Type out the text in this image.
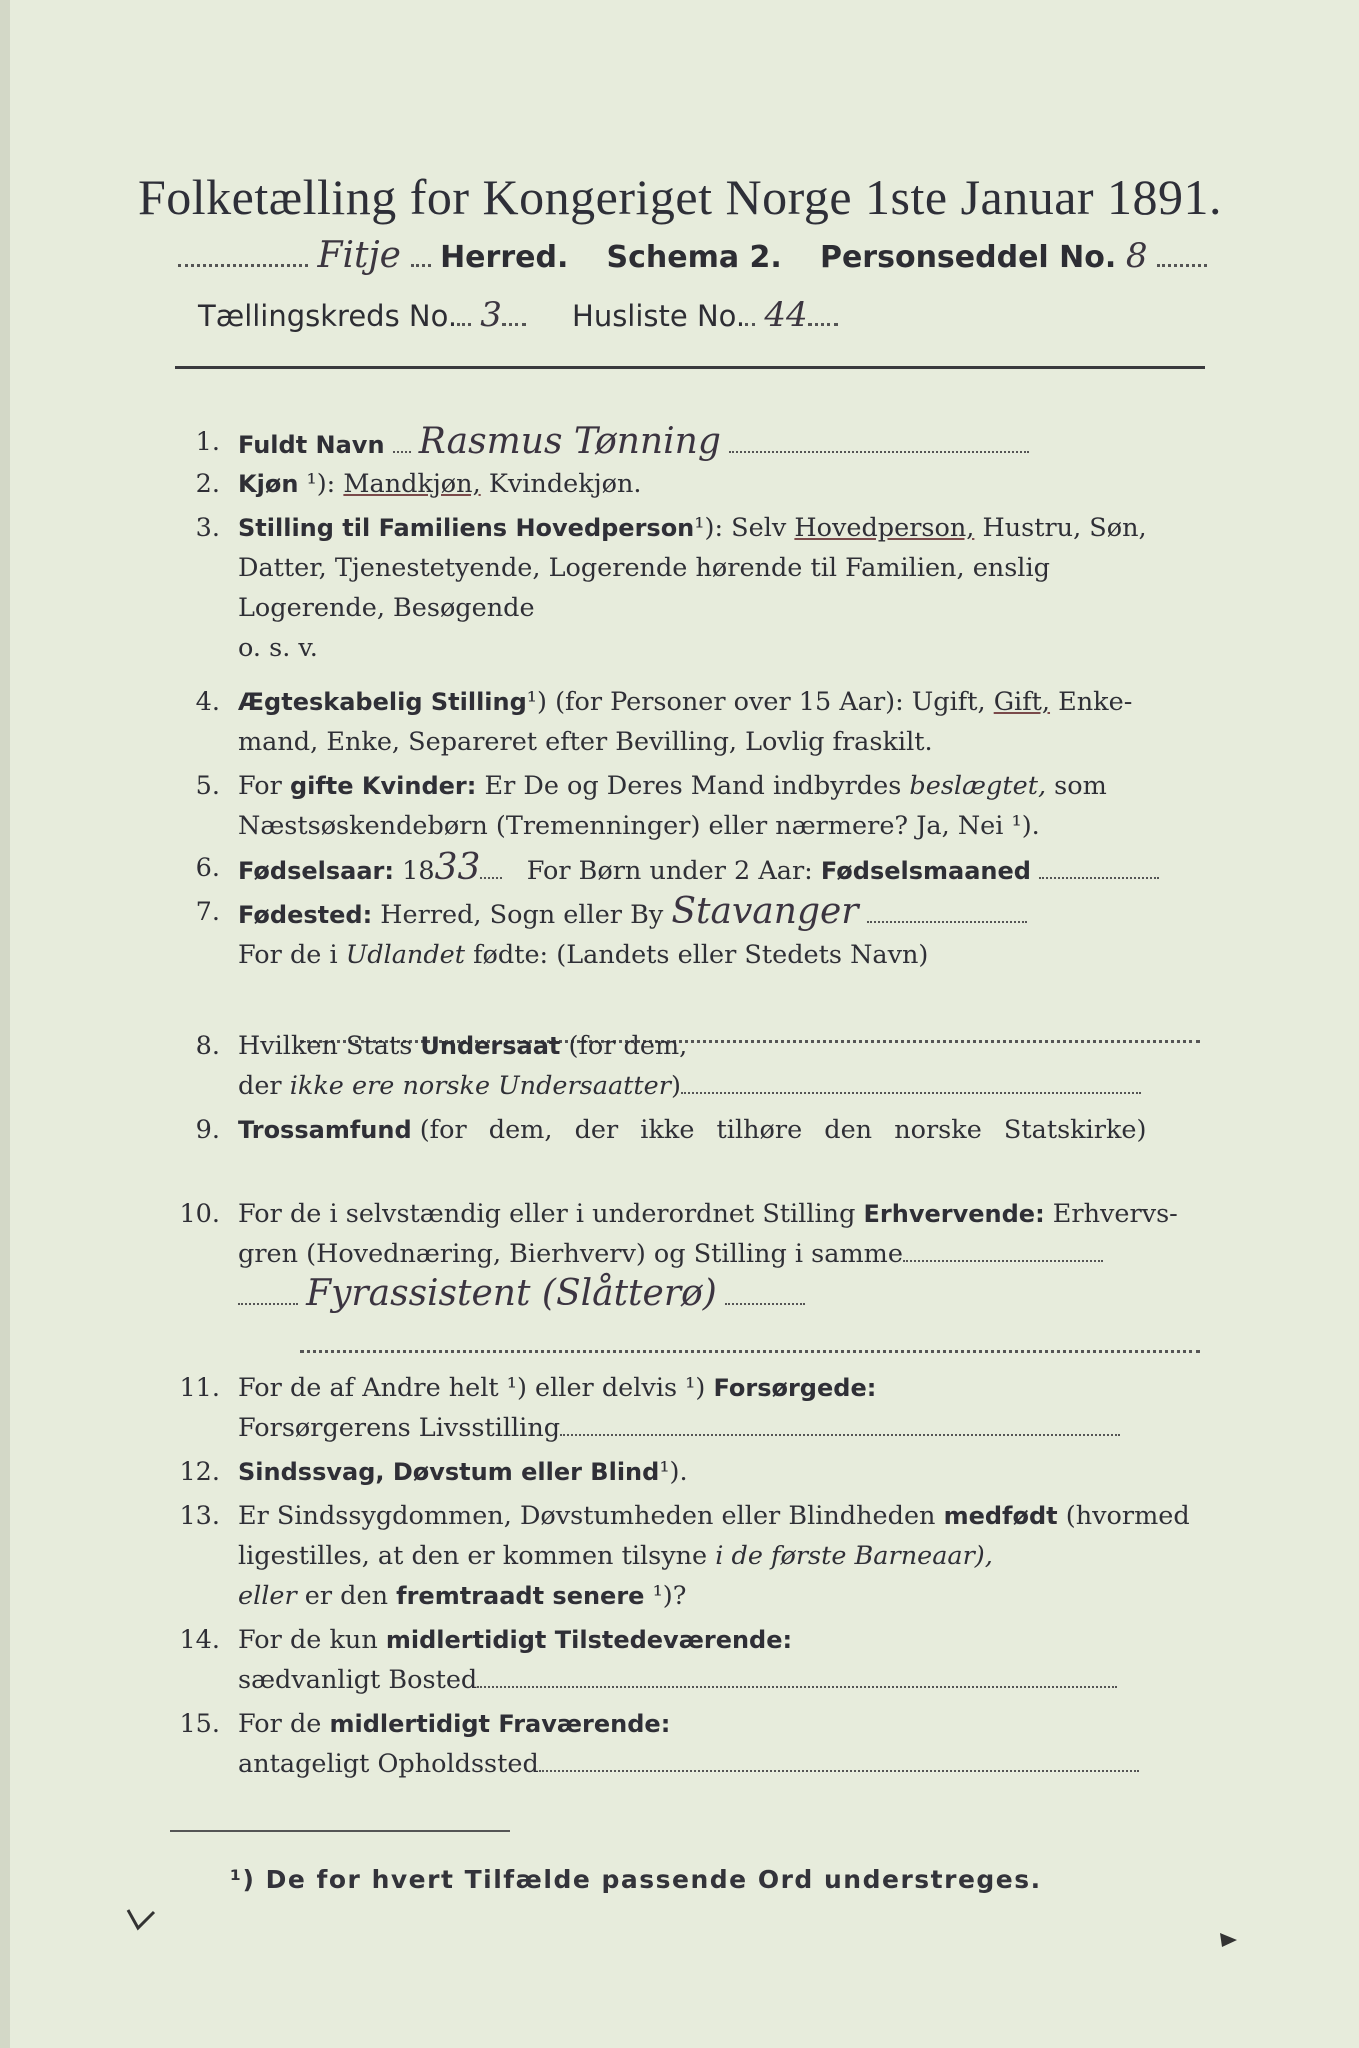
Folketælling for Kongeriget Norge 1ste Januar 1891.
Fitje Herred. Schema 2. Personseddel No. 8
Tællingskreds No. 3 Husliste No. 44
1. Fuldt Navn Rasmus Tønning
2. Kjøn ¹): Mandkjøn, Kvindekjøn.
3. Stilling til Familiens Hovedperson¹): Selv Hovedperson, Hustru, Søn,
Datter, Tjenestetyende, Logerende hørende til Familien, enslig
Logerende, Besøgende
o. s. v.
4. Ægteskabelig Stilling¹) (for Personer over 15 Aar): Ugift, Gift, Enke-
mand, Enke, Separeret efter Bevilling, Lovlig fraskilt.
5. For gifte Kvinder: Er De og Deres Mand indbyrdes beslægtet, som
Næstsøskendebørn (Tremenninger) eller nærmere? Ja, Nei ¹).
6. Fødselsaar: 1833 For Børn under 2 Aar: Fødselsmaaned
7. Fødested: Herred, Sogn eller By Stavanger
For de i Udlandet fødte: (Landets eller Stedets Navn)
8. Hvilken Stats Undersaat (for dem,
der ikke ere norske Undersaatter)
9. Trossamfund (for dem, der ikke tilhøre den norske Statskirke)
10. For de i selvstændig eller i underordnet Stilling Erhvervende: Erhvervs-
gren (Hovednæring, Bierhverv) og Stilling i samme
Fyrassistent (Slåtterø)
11. For de af Andre helt ¹) eller delvis ¹) Forsørgede:
Forsørgerens Livsstilling
12. Sindssvag, Døvstum eller Blind¹).
13. Er Sindssygdommen, Døvstumheden eller Blindheden medfødt (hvormed
ligestilles, at den er kommen tilsyne i de første Barneaar),
eller er den fremtraadt senere ¹)?
14. For de kun midlertidigt Tilstedeværende:
sædvanligt Bosted
15. For de midlertidigt Fraværende:
antageligt Opholdssted
¹) De for hvert Tilfælde passende Ord understreges.
